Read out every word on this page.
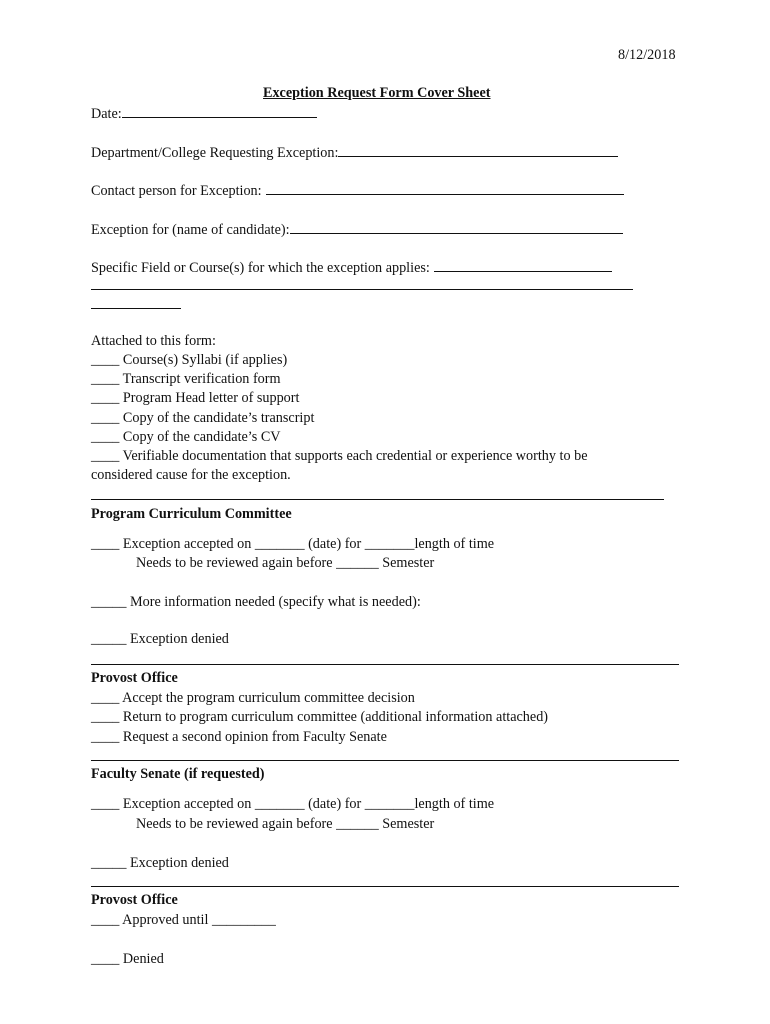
8/12/2018
Exception Request Form Cover Sheet
Date:
Department/College Requesting Exception:
Contact person for Exception:
Exception for (name of candidate):
Specific Field or Course(s) for which the exception applies:
Attached to this form:
____ Course(s) Syllabi (if applies)
____ Transcript verification form
____ Program Head letter of support
____ Copy of the candidate’s transcript
____ Copy of the candidate’s CV
____ Verifiable documentation that supports each credential or experience worthy to be
considered cause for the exception.
Program Curriculum Committee
____ Exception accepted on _______ (date) for _______length of time
Needs to be reviewed again before ______ Semester
_____ More information needed (specify what is needed):
_____ Exception denied
Provost Office
____ Accept the program curriculum committee decision
____ Return to program curriculum committee (additional information attached)
____ Request a second opinion from Faculty Senate
Faculty Senate (if requested)
____ Exception accepted on _______ (date) for _______length of time
Needs to be reviewed again before ______ Semester
_____ Exception denied
Provost Office
____ Approved until _________
____ Denied
